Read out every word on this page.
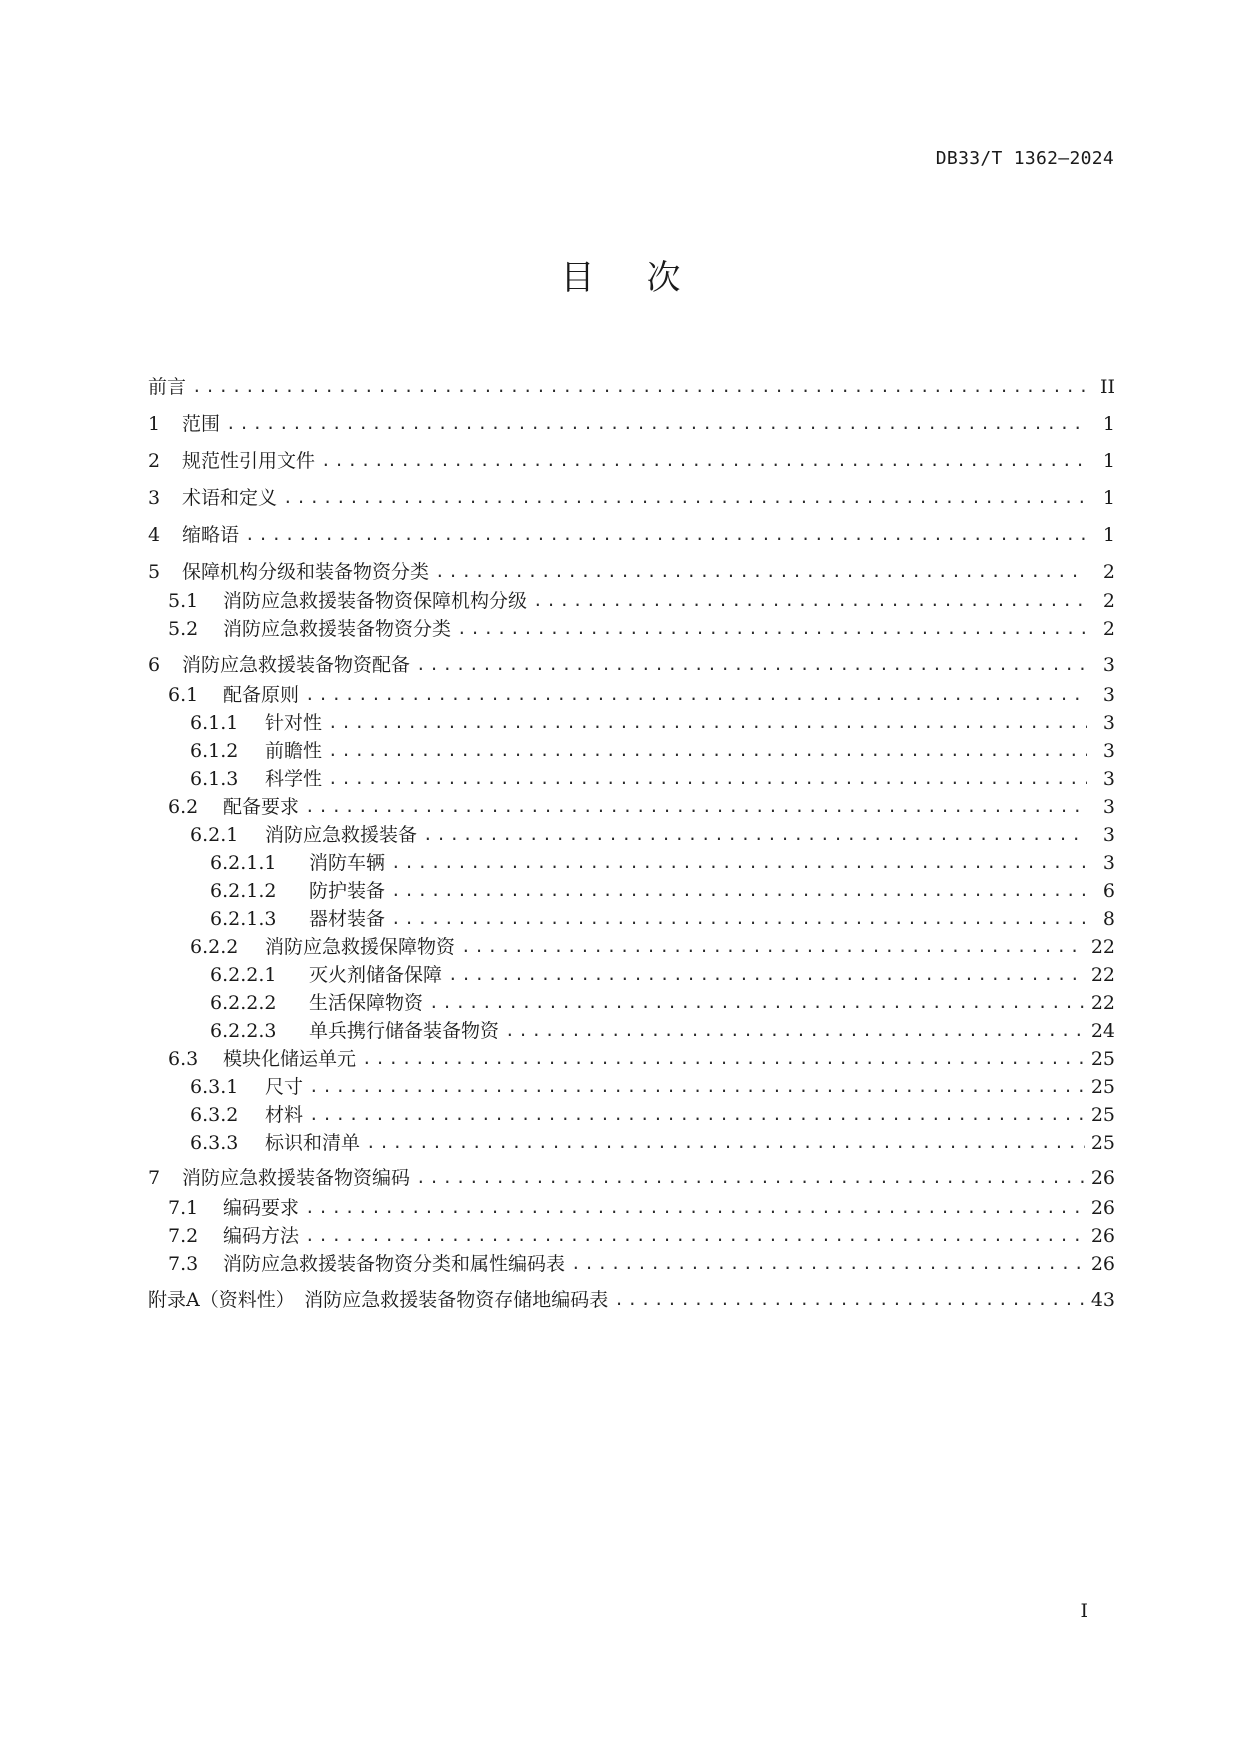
DB33/T 1362—2024
目次
前言 .....	II
1	范围 .....	1
2	规范性引用文件 .....	1
3	术语和定义 .....	1
4	缩略语 .....	1
5	保障机构分级和装备物资分类 .....	2
5.1	消防应急救援装备物资保障机构分级 .....	2
5.2	消防应急救援装备物资分类 .....	2
6	消防应急救援装备物资配备 .....	3
6.1	配备原则 .....	3
6.1.1	针对性 .....	3
6.1.2	前瞻性 .....	3
6.1.3	科学性 .....	3
6.2	配备要求 .....	3
6.2.1	消防应急救援装备 .....	3
6.2.1.1	消防车辆 .....	3
6.2.1.2	防护装备 .....	6
6.2.1.3	器材装备 .....	8
6.2.2	消防应急救援保障物资 .....	22
6.2.2.1	灭火剂储备保障 .....	22
6.2.2.2	生活保障物资 .....	22
6.2.2.3	单兵携行储备装备物资 .....	24
6.3	模块化储运单元 .....	25
6.3.1	尺寸 .....	25
6.3.2	材料 .....	25
6.3.3	标识和清单 .....	25
7	消防应急救援装备物资编码 .....	26
7.1	编码要求 .....	26
7.2	编码方法 .....	26
7.3	消防应急救援装备物资分类和属性编码表 .....	26
附录A（资料性）　消防应急救援装备物资存储地编码表 .....	43
I
